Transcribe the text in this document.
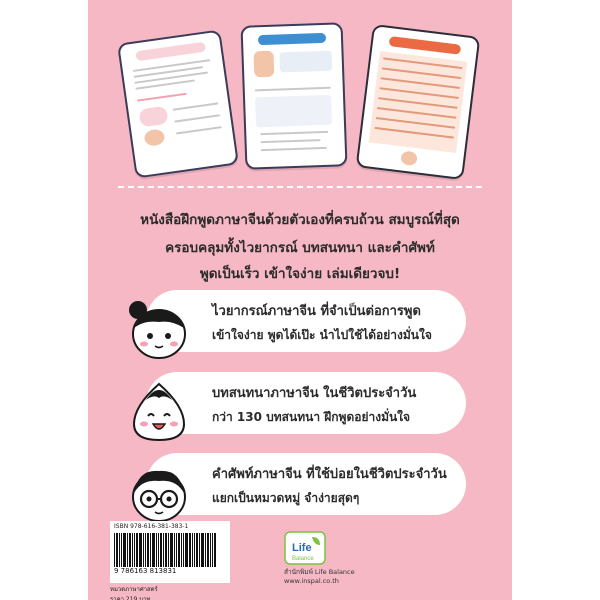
หนังสือฝึกพูดภาษาจีนด้วยตัวเองที่ครบถ้วน สมบูรณ์ที่สุด
ครอบคลุมทั้งไวยากรณ์ บทสนทนา และคำศัพท์
พูดเป็นเร็ว เข้าใจง่าย เล่มเดียวจบ!
ไวยากรณ์ภาษาจีน ที่จำเป็นต่อการพูด
เข้าใจง่าย พูดได้เป๊ะ นำไปใช้ได้อย่างมั่นใจ
บทสนทนาภาษาจีน ในชีวิตประจำวัน
กว่า 130 บทสนทนา ฝึกพูดอย่างมั่นใจ
คำศัพท์ภาษาจีน ที่ใช้บ่อยในชีวิตประจำวัน
แยกเป็นหมวดหมู่ จำง่ายสุดๆ
ISBN 978-616-381-383-1
9 786163 813831
หมวดภาษาศาสตร์
ราคา 219 บาท
Life
Balance
สำนักพิมพ์ Life Balance
www.inspal.co.th
